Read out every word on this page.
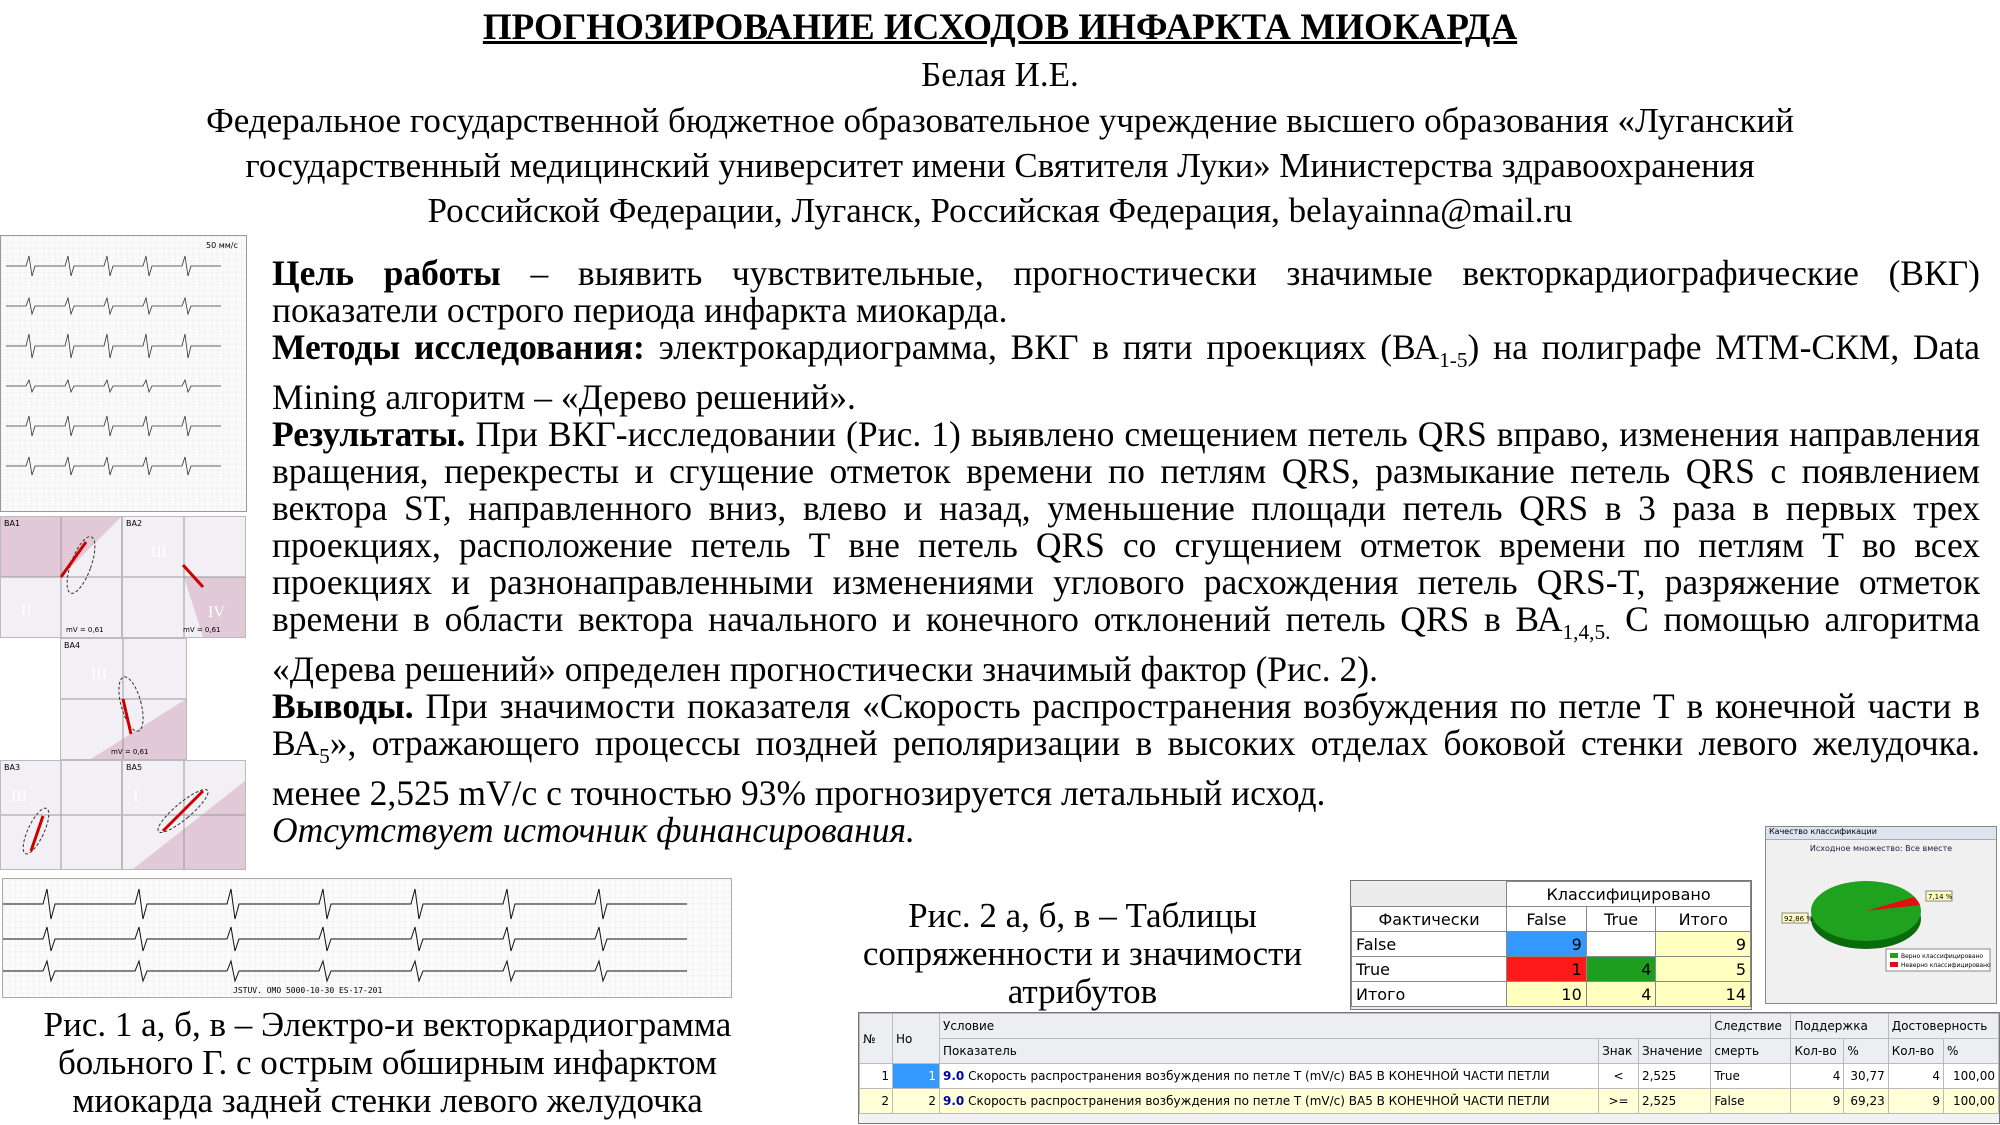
ПРОГНОЗИРОВАНИЕ ИСХОДОВ ИНФАРКТА МИОКАРДА
Белая И.Е.
Федеральное государственной бюджетное образовательное учреждение высшего образования «Луганский
государственный медицинский университет имени Святителя Луки» Министерства здравоохранения
Российской Федерации, Луганск, Российская Федерация, belayainna@mail.ru
50 мм/с
ВА1
mV = 0,61
II
ВА2
III
IV
mV = 0,61
ВА4
III
mV = 0,61
ВА3
III
ВА5
I
JSTUV. OMO 5000-10-30 ES-17-201

Цель работы – выявить чувствительные, прогностически значимые векторкардиографические (ВКГ) показатели острого периода инфаркта миокарда.

Методы исследования: электрокардиограмма, ВКГ в пяти проекциях $(ВА_{1-5})$ на полиграфе МТМ-СКМ, Data Mining алгоритм – «Дерево решений».

Результаты. При ВКГ-исследовании (Рис. 1) выявлено смещением петель QRS вправо, изменения направления вращения, перекресты и сгущение отметок времени по петлям QRS, размыкание петель QRS с появлением вектора ST, направленного вниз, влево и назад, уменьшение площади петель QRS в 3 раза в первых трех проекциях, расположение петель Т вне петель QRS со сгущением отметок времени по петлям Т во всех проекциях и разнонаправленными изменениями углового расхождения петель QRS-T, разряжение отметок времени в области вектора начального и конечного отклонений петель QRS в $ВА_{1,4,5.}$ С помощью алгоритма «Дерева решений» определен прогностически значимый фактор (Рис. 2).

Выводы. При значимости показателя «Скорость распространения возбуждения по петле Т в конечной части в $ВА_5$», отражающего процессы поздней реполяризации в высоких отделах боковой стенки левого желудочка. менее 2,525 mV/c с точностью 93% прогнозируется летальный исход.

Отсутствует источник финансирования.

Рис. 1 а, б, в – Электро-и векторкардиограмма больного Г. с острым обширным инфарктом миокарда задней стенки левого желудочка
Рис. 2 а, б, в – Таблицы сопряженности и значимости атрибутов
	Классифицировано		
Фактически	False	True	Итого
False	9		9
True	1	4	5
Итого	10	4	14
Качество классификации
Исходное множество: Все вместе
7,14 %
92,86 %
Верно классифицировано
Неверно классифицировано
№	Но	Условие			Следствие	Поддержка		Достоверность	
		Показатель	Знак	Значение	смерть	Кол-во	%	Кол-во	%
1	1	9.0 Скорость распространения возбуждения по петле T (mV/c) BA5 В КОНЕЧНОЙ ЧАСТИ ПЕТЛИ	<	2,525	True	4	30,77	4	100,00
2	2	9.0 Скорость распространения возбуждения по петле T (mV/c) BA5 В КОНЕЧНОЙ ЧАСТИ ПЕТЛИ	>=	2,525	False	9	69,23	9	100,00
